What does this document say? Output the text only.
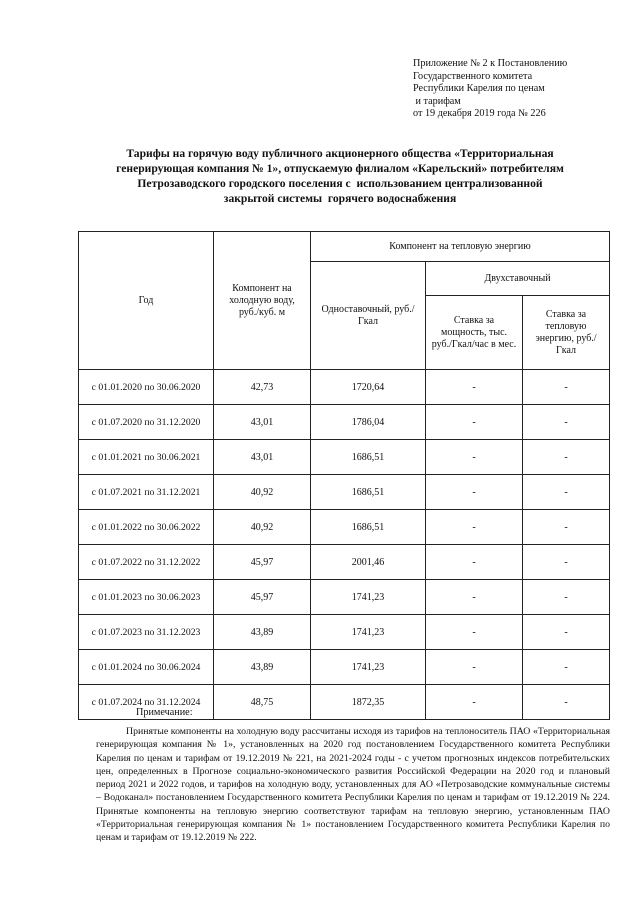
Приложение № 2 к Постановлению
Государственного комитета
Республики Карелия по ценам
и тарифам
от 19 декабря 2019 года № 226
Тарифы на горячую воду публичного акционерного общества «Территориальная
генерирующая компания № 1», отпускаемую филиалом «Карельский» потребителям
Петрозаводского городского поселения с  использованием централизованной
закрытой системы  горячего водоснабжения
Год	Компонент на холодную воду, руб./куб. м	Компонент на тепловую энергию		

		Одноставочный, руб./Гкал	Двухставочный	

			Ставка за мощность, тыс. руб./Гкал/час в мес.	Ставка за тепловую энергию, руб./Гкал

с 01.01.2020 по 30.06.2020	42,73	1720,64	-	-
с 01.07.2020 по 31.12.2020	43,01	1786,04	-	-
с 01.01.2021 по 30.06.2021	43,01	1686,51	-	-
с 01.07.2021 по 31.12.2021	40,92	1686,51	-	-
с 01.01.2022 по 30.06.2022	40,92	1686,51	-	-
с 01.07.2022 по 31.12.2022	45,97	2001,46	-	-
с 01.01.2023 по 30.06.2023	45,97	1741,23	-	-
с 01.07.2023 по 31.12.2023	43,89	1741,23	-	-
с 01.01.2024 по 30.06.2024	43,89	1741,23	-	-
с 01.07.2024 по 31.12.2024	48,75	1872,35	-	-
Примечание:
Принятые компоненты на холодную воду рассчитаны исходя из тарифов на теплоноситель ПАО «Территориальная генерирующая компания № 1», установленных на 2020 год постановлением Государственного комитета Республики Карелия по ценам и тарифам от 19.12.2019 № 221, на 2021-2024 годы - с учетом прогнозных индексов потребительских цен, определенных в Прогнозе социально-экономического развития Российской Федерации на 2020 год и плановый период 2021 и 2022 годов, и тарифов на холодную воду, установленных для АО «Петрозаводские коммунальные системы – Водоканал» постановлением Государственного комитета Республики Карелия по ценам и тарифам от 19.12.2019 № 224. Принятые компоненты на тепловую энергию соответствуют тарифам на тепловую энергию, установленным ПАО «Территориальная генерирующая компания № 1» постановлением Государственного комитета Республики Карелия по ценам и тарифам от 19.12.2019 № 222.
